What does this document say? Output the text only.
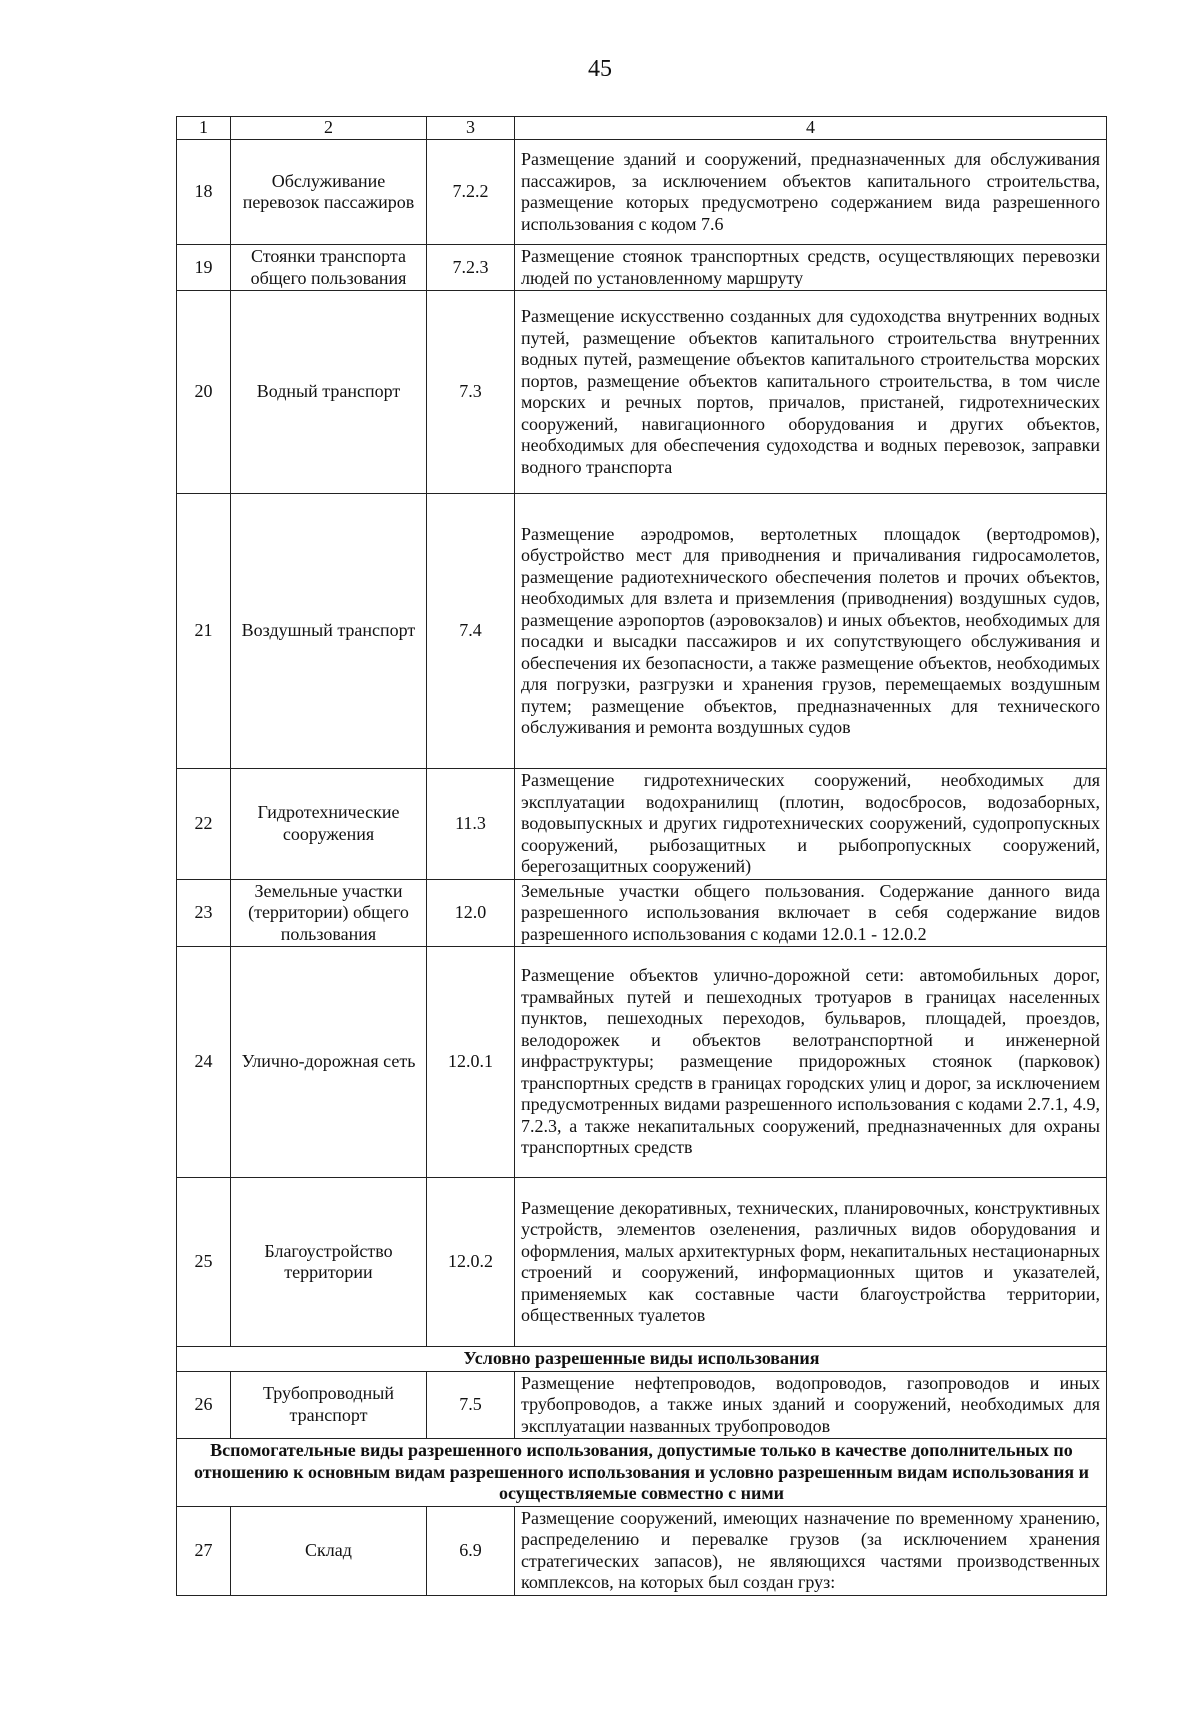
45
1	2	3	4
18	Обслуживание перевозок пассажиров	7.2.2	Размещение зданий и сооружений, предназначенных для обслуживания пассажиров, за исключением объектов капитального строительства, размещение которых предусмотрено содержанием вида разрешенного использования с кодом 7.6
19	Стоянки транспорта общего пользования	7.2.3	Размещение стоянок транспортных средств, осуществляющих перевозки людей по установленному маршруту
20	Водный транспорт	7.3	Размещение искусственно созданных для судоходства внутренних водных путей, размещение объектов капитального строительства внутренних водных путей, размещение объектов капитального строительства морских портов, размещение объектов капитального строительства, в том числе морских и речных портов, причалов, пристаней, гидротехнических сооружений, навигационного оборудования и других объектов, необходимых для обеспечения судоходства и водных перевозок, заправки водного транспорта
21	Воздушный транспорт	7.4	Размещение аэродромов, вертолетных площадок (вертодромов), обустройство мест для приводнения и причаливания гидросамолетов, размещение радиотехнического обеспечения полетов и прочих объектов, необходимых для взлета и приземления (приводнения) воздушных судов, размещение аэропортов (аэровокзалов) и иных объектов, необходимых для посадки и высадки пассажиров и их сопутствующего обслуживания и обеспечения их безопасности, а также размещение объектов, необходимых для погрузки, разгрузки и хранения грузов, перемещаемых воздушным путем; размещение объектов, предназначенных для технического обслуживания и ремонта воздушных судов
22	Гидротехнические сооружения	11.3	Размещение гидротехнических сооружений, необходимых для эксплуатации водохранилищ (плотин, водосбросов, водозаборных, водовыпускных и других гидротехнических сооружений, судопропускных сооружений, рыбозащитных и рыбопропускных сооружений, берегозащитных сооружений)
23	Земельные участки (территории) общего пользования	12.0	Земельные участки общего пользования. Содержание данного вида разрешенного использования включает в себя содержание видов разрешенного использования с кодами 12.0.1 - 12.0.2
24	Улично-дорожная сеть	12.0.1	Размещение объектов улично-дорожной сети: автомобильных дорог, трамвайных путей и пешеходных тротуаров в границах населенных пунктов, пешеходных переходов, бульваров, площадей, проездов, велодорожек и объектов велотранспортной и инженерной инфраструктуры; размещение придорожных стоянок (парковок) транспортных средств в границах городских улиц и дорог, за исключением предусмотренных видами разрешенного использования с кодами 2.7.1, 4.9, 7.2.3, а также некапитальных сооружений, предназначенных для охраны транспортных средств
25	Благоустройство территории	12.0.2	Размещение декоративных, технических, планировочных, конструктивных устройств, элементов озеленения, различных видов оборудования и оформления, малых архитектурных форм, некапитальных нестационарных строений и сооружений, информационных щитов и указателей, применяемых как составные части благоустройства территории, общественных туалетов
Условно разрешенные виды использования			
26	Трубопроводный транспорт	7.5	Размещение нефтепроводов, водопроводов, газопроводов и иных трубопроводов, а также иных зданий и сооружений, необходимых для эксплуатации названных трубопроводов
Вспомогательные виды разрешенного использования, допустимые только в качестве дополнительных по отношению к основным видам разрешенного использования и условно разрешенным видам использования и осуществляемые совместно с ними			
27	Склад	6.9	Размещение сооружений, имеющих назначение по временному хранению, распределению и перевалке грузов (за исключением хранения стратегических запасов), не являющихся частями производственных комплексов, на которых был создан груз:
